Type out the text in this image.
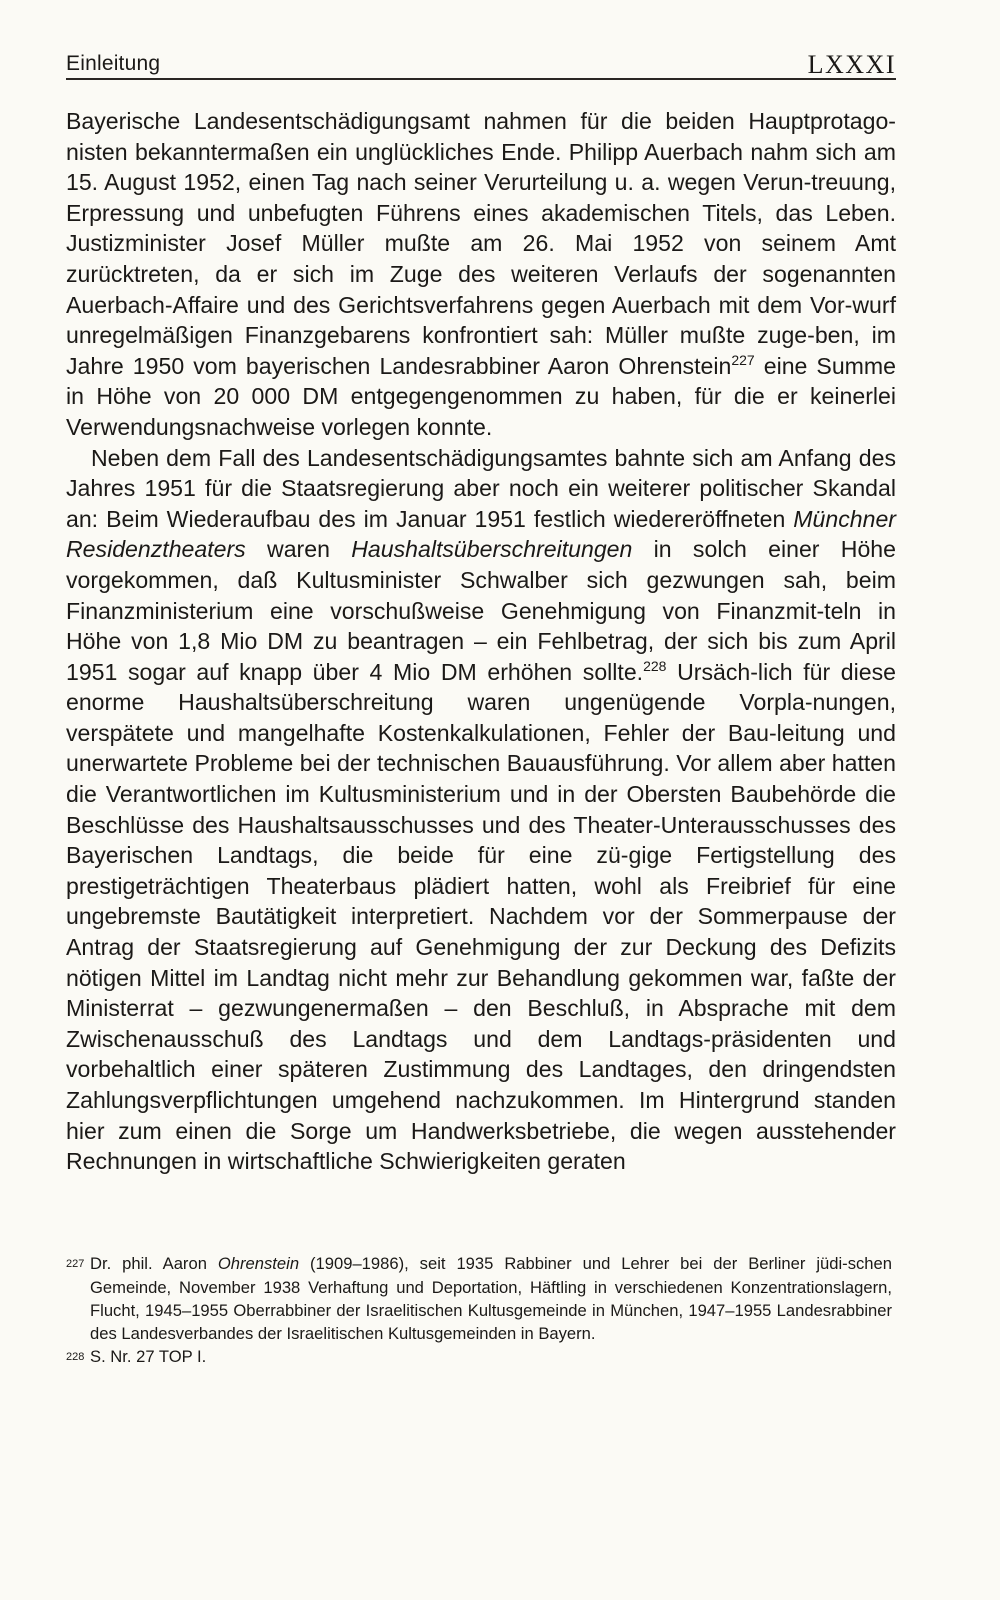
Einleitung	LXXXI

Bayerische Landesentschädigungsamt nahmen für die beiden Hauptprotago-nisten bekanntermaßen ein unglückliches Ende. Philipp Auerbach nahm sich am 15. August 1952, einen Tag nach seiner Verurteilung u. a. wegen Verun-treuung, Erpressung und unbefugten Führens eines akademischen Titels, das Leben. Justizminister Josef Müller mußte am 26. Mai 1952 von seinem Amt zurücktreten, da er sich im Zuge des weiteren Verlaufs der sogenannten Auerbach-Affaire und des Gerichtsverfahrens gegen Auerbach mit dem Vor-wurf unregelmäßigen Finanzgebarens konfrontiert sah: Müller mußte zuge-ben, im Jahre 1950 vom bayerischen Landesrabbiner Aaron Ohrenstein$^{227}$ eine Summe in Höhe von 20 000 DM entgegengenommen zu haben, für die er keinerlei Verwendungsnachweise vorlegen konnte.

Neben dem Fall des Landesentschädigungsamtes bahnte sich am Anfang des Jahres 1951 für die Staatsregierung aber noch ein weiterer politischer Skandal an: Beim Wiederaufbau des im Januar 1951 festlich wiedereröffneten Münchner Residenztheaters waren Haushaltsüberschreitungen in solch einer Höhe vorgekommen, daß Kultusminister Schwalber sich gezwungen sah, beim Finanzministerium eine vorschußweise Genehmigung von Finanzmit-teln in Höhe von 1,8 Mio DM zu beantragen – ein Fehlbetrag, der sich bis zum April 1951 sogar auf knapp über 4 Mio DM erhöhen sollte.$^{228}$ Ursäch-lich für diese enorme Haushaltsüberschreitung waren ungenügende Vorpla-nungen, verspätete und mangelhafte Kostenkalkulationen, Fehler der Bau-leitung und unerwartete Probleme bei der technischen Bauausführung. Vor allem aber hatten die Verantwortlichen im Kultusministerium und in der Obersten Baubehörde die Beschlüsse des Haushaltsausschusses und des Theater-Unterausschusses des Bayerischen Landtags, die beide für eine zü-gige Fertigstellung des prestigeträchtigen Theaterbaus plädiert hatten, wohl als Freibrief für eine ungebremste Bautätigkeit interpretiert. Nachdem vor der Sommerpause der Antrag der Staatsregierung auf Genehmigung der zur Deckung des Defizits nötigen Mittel im Landtag nicht mehr zur Behandlung gekommen war, faßte der Ministerrat – gezwungenermaßen – den Beschluß, in Absprache mit dem Zwischenausschuß des Landtags und dem Landtags-präsidenten und vorbehaltlich einer späteren Zustimmung des Landtages, den dringendsten Zahlungsverpflichtungen umgehend nachzukommen. Im Hintergrund standen hier zum einen die Sorge um Handwerksbetriebe, die wegen ausstehender Rechnungen in wirtschaftliche Schwierigkeiten geraten

227 Dr. phil. Aaron Ohrenstein (1909–1986), seit 1935 Rabbiner und Lehrer bei der Berliner jüdi-schen Gemeinde, November 1938 Verhaftung und Deportation, Häftling in verschiedenen Konzentrationslagern, Flucht, 1945–1955 Oberrabbiner der Israelitischen Kultusgemeinde in München, 1947–1955 Landesrabbiner des Landesverbandes der Israelitischen Kultusgemeinden in Bayern.

228 S. Nr. 27 TOP I.
